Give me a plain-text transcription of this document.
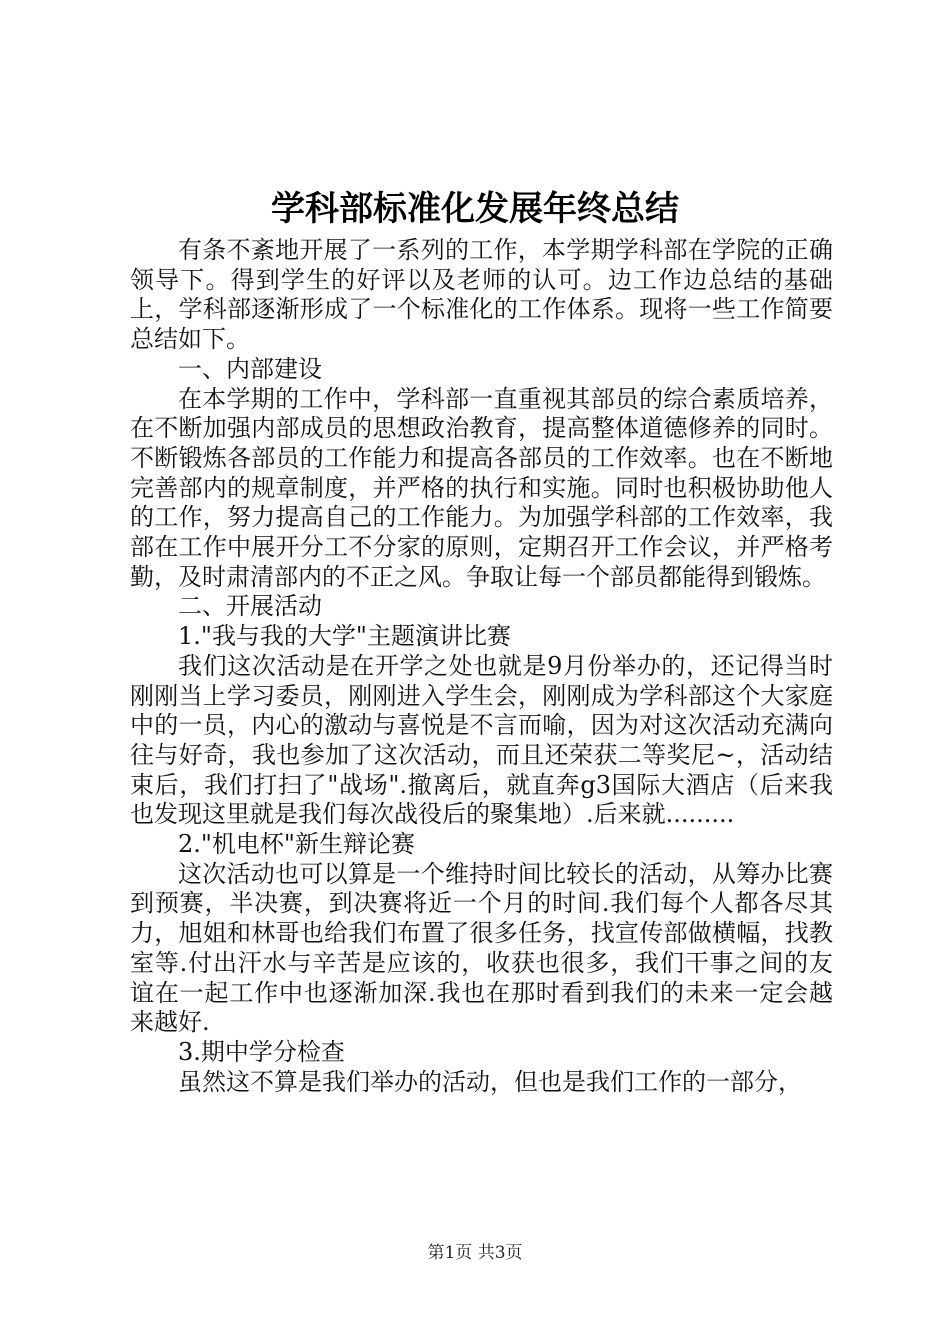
学科部标准化发展年终总结

有条不紊地开展了一系列的工作，本学期学科部在学院的正确领导下。得到学生的好评以及老师的认可。边工作边总结的基础上，学科部逐渐形成了一个标准化的工作体系。现将一些工作简要总结如下。

一、内部建设

在本学期的工作中，学科部一直重视其部员的综合素质培养，在不断加强内部成员的思想政治教育，提高整体道德修养的同时。不断锻炼各部员的工作能力和提高各部员的工作效率。也在不断地完善部内的规章制度，并严格的执行和实施。同时也积极协助他人的工作，努力提高自己的工作能力。为加强学科部的工作效率，我部在工作中展开分工不分家的原则，定期召开工作会议，并严格考勤，及时肃清部内的不正之风。争取让每一个部员都能得到锻炼。

二、开展活动

1."我与我的大学"主题演讲比赛

我们这次活动是在开学之处也就是9月份举办的，还记得当时刚刚当上学习委员，刚刚进入学生会，刚刚成为学科部这个大家庭中的一员，内心的激动与喜悦是不言而喻，因为对这次活动充满向往与好奇，我也参加了这次活动，而且还荣获二等奖尼~，活动结束后，我们打扫了"战场".撤离后，就直奔g3国际大酒店（后来我也发现这里就是我们每次战役后的聚集地）.后来就.........

2."机电杯"新生辩论赛

这次活动也可以算是一个维持时间比较长的活动，从筹办比赛到预赛，半决赛，到决赛将近一个月的时间.我们每个人都各尽其力，旭姐和林哥也给我们布置了很多任务，找宣传部做横幅，找教室等.付出汗水与辛苦是应该的，收获也很多，我们干事之间的友谊在一起工作中也逐渐加深.我也在那时看到我们的未来一定会越来越好.

3.期中学分检查

虽然这不算是我们举办的活动，但也是我们工作的一部分，

第1页 共3页
